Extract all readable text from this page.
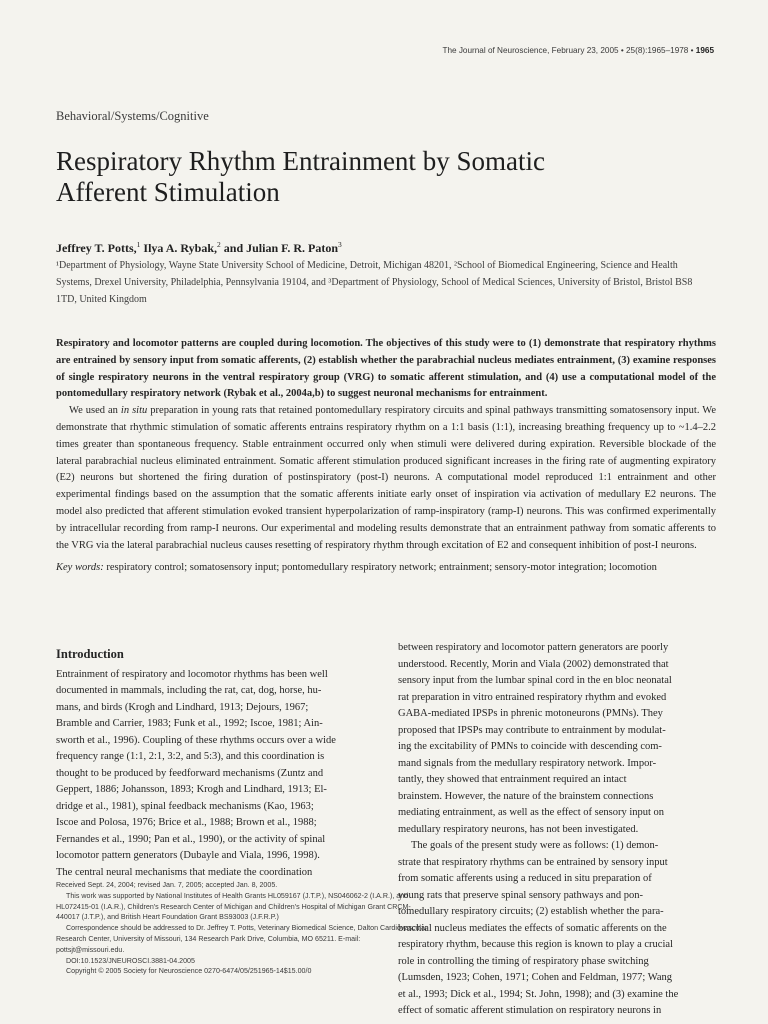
The Journal of Neuroscience, February 23, 2005 • 25(8):1965–1978 • 1965
Behavioral/Systems/Cognitive
Respiratory Rhythm Entrainment by Somatic
Afferent Stimulation
Jeffrey T. Potts,$^1$ Ilya A. Rybak,$^2$ and Julian F. R. Paton$^3$

¹Department of Physiology, Wayne State University School of Medicine, Detroit, Michigan 48201, ²School of Biomedical Engineering, Science and Health

Systems, Drexel University, Philadelphia, Pennsylvania 19104, and ³Department of Physiology, School of Medical Sciences, University of Bristol, Bristol BS8

1TD, United Kingdom

Respiratory and locomotor patterns are coupled during locomotion. The objectives of this study were to (1) demonstrate that respiratory rhythms are entrained by sensory input from somatic afferents, (2) establish whether the parabrachial nucleus mediates entrainment, (3) examine responses of single respiratory neurons in the ventral respiratory group (VRG) to somatic afferent stimulation, and (4) use a computational model of the pontomedullary respiratory network (Rybak et al., 2004a,b) to suggest neuronal mechanisms for entrainment.

We used an in situ preparation in young rats that retained pontomedullary respiratory circuits and spinal pathways transmitting somatosensory input. We demonstrate that rhythmic stimulation of somatic afferents entrains respiratory rhythm on a 1:1 basis (1:1), increasing breathing frequency up to ~1.4–2.2 times greater than spontaneous frequency. Stable entrainment occurred only when stimuli were delivered during expiration. Reversible blockade of the lateral parabrachial nucleus eliminated entrainment. Somatic afferent stimulation produced significant increases in the firing rate of augmenting expiratory (E2) neurons but shortened the firing duration of postinspiratory (post-I) neurons. A computational model reproduced 1:1 entrainment and other experimental findings based on the assumption that the somatic afferents initiate early onset of inspiration via activation of medullary E2 neurons. The model also predicted that afferent stimulation evoked transient hyperpolarization of ramp-inspiratory (ramp-I) neurons. This was confirmed experimentally by intracellular recording from ramp-I neurons. Our experimental and modeling results demonstrate that an entrainment pathway from somatic afferents to the VRG via the lateral parabrachial nucleus causes resetting of respiratory rhythm through excitation of E2 and consequent inhibition of post-I neurons.

Key words: respiratory control; somatosensory input; pontomedullary respiratory network; entrainment; sensory-motor integration; locomotion

Introduction

Entrainment of respiratory and locomotor rhythms has been well

documented in mammals, including the rat, cat, dog, horse, hu-

mans, and birds (Krogh and Lindhard, 1913; Dejours, 1967;

Bramble and Carrier, 1983; Funk et al., 1992; Iscoe, 1981; Ain-

sworth et al., 1996). Coupling of these rhythms occurs over a wide

frequency range (1:1, 2:1, 3:2, and 5:3), and this coordination is

thought to be produced by feedforward mechanisms (Zuntz and

Geppert, 1886; Johansson, 1893; Krogh and Lindhard, 1913; El-

dridge et al., 1981), spinal feedback mechanisms (Kao, 1963;

Iscoe and Polosa, 1976; Brice et al., 1988; Brown et al., 1988;

Fernandes et al., 1990; Pan et al., 1990), or the activity of spinal

locomotor pattern generators (Dubayle and Viala, 1996, 1998).

The central neural mechanisms that mediate the coordination

between respiratory and locomotor pattern generators are poorly

understood. Recently, Morin and Viala (2002) demonstrated that

sensory input from the lumbar spinal cord in the en bloc neonatal

rat preparation in vitro entrained respiratory rhythm and evoked

GABA-mediated IPSPs in phrenic motoneurons (PMNs). They

proposed that IPSPs may contribute to entrainment by modulat-

ing the excitability of PMNs to coincide with descending com-

mand signals from the medullary respiratory network. Impor-

tantly, they showed that entrainment required an intact

brainstem. However, the nature of the brainstem connections

mediating entrainment, as well as the effect of sensory input on

medullary respiratory neurons, has not been investigated.

The goals of the present study were as follows: (1) demon-

strate that respiratory rhythms can be entrained by sensory input

from somatic afferents using a reduced in situ preparation of

young rats that preserve spinal sensory pathways and pon-

tomedullary respiratory circuits; (2) establish whether the para-

brachial nucleus mediates the effects of somatic afferents on the

respiratory rhythm, because this region is known to play a crucial

role in controlling the timing of respiratory phase switching

(Lumsden, 1923; Cohen, 1971; Cohen and Feldman, 1977; Wang

et al., 1993; Dick et al., 1994; St. John, 1998); and (3) examine the

effect of somatic afferent stimulation on respiratory neurons in

Received Sept. 24, 2004; revised Jan. 7, 2005; accepted Jan. 8, 2005.

This work was supported by National Institutes of Health Grants HL059167 (J.T.P.), NS046062-2 (I.A.R.), and

HL072415-01 (I.A.R.), Children's Research Center of Michigan and Children's Hospital of Michigan Grant CRCM-

440017 (J.T.P.), and British Heart Foundation Grant BS93003 (J.F.R.P.)

Correspondence should be addressed to Dr. Jeffrey T. Potts, Veterinary Biomedical Science, Dalton Cardiovascular

Research Center, University of Missouri, 134 Research Park Drive, Columbia, MO 65211. E-mail:

pottsjt@missouri.edu.

DOI:10.1523/JNEUROSCI.3881-04.2005

Copyright © 2005 Society for Neuroscience 0270-6474/05/251965-14$15.00/0
